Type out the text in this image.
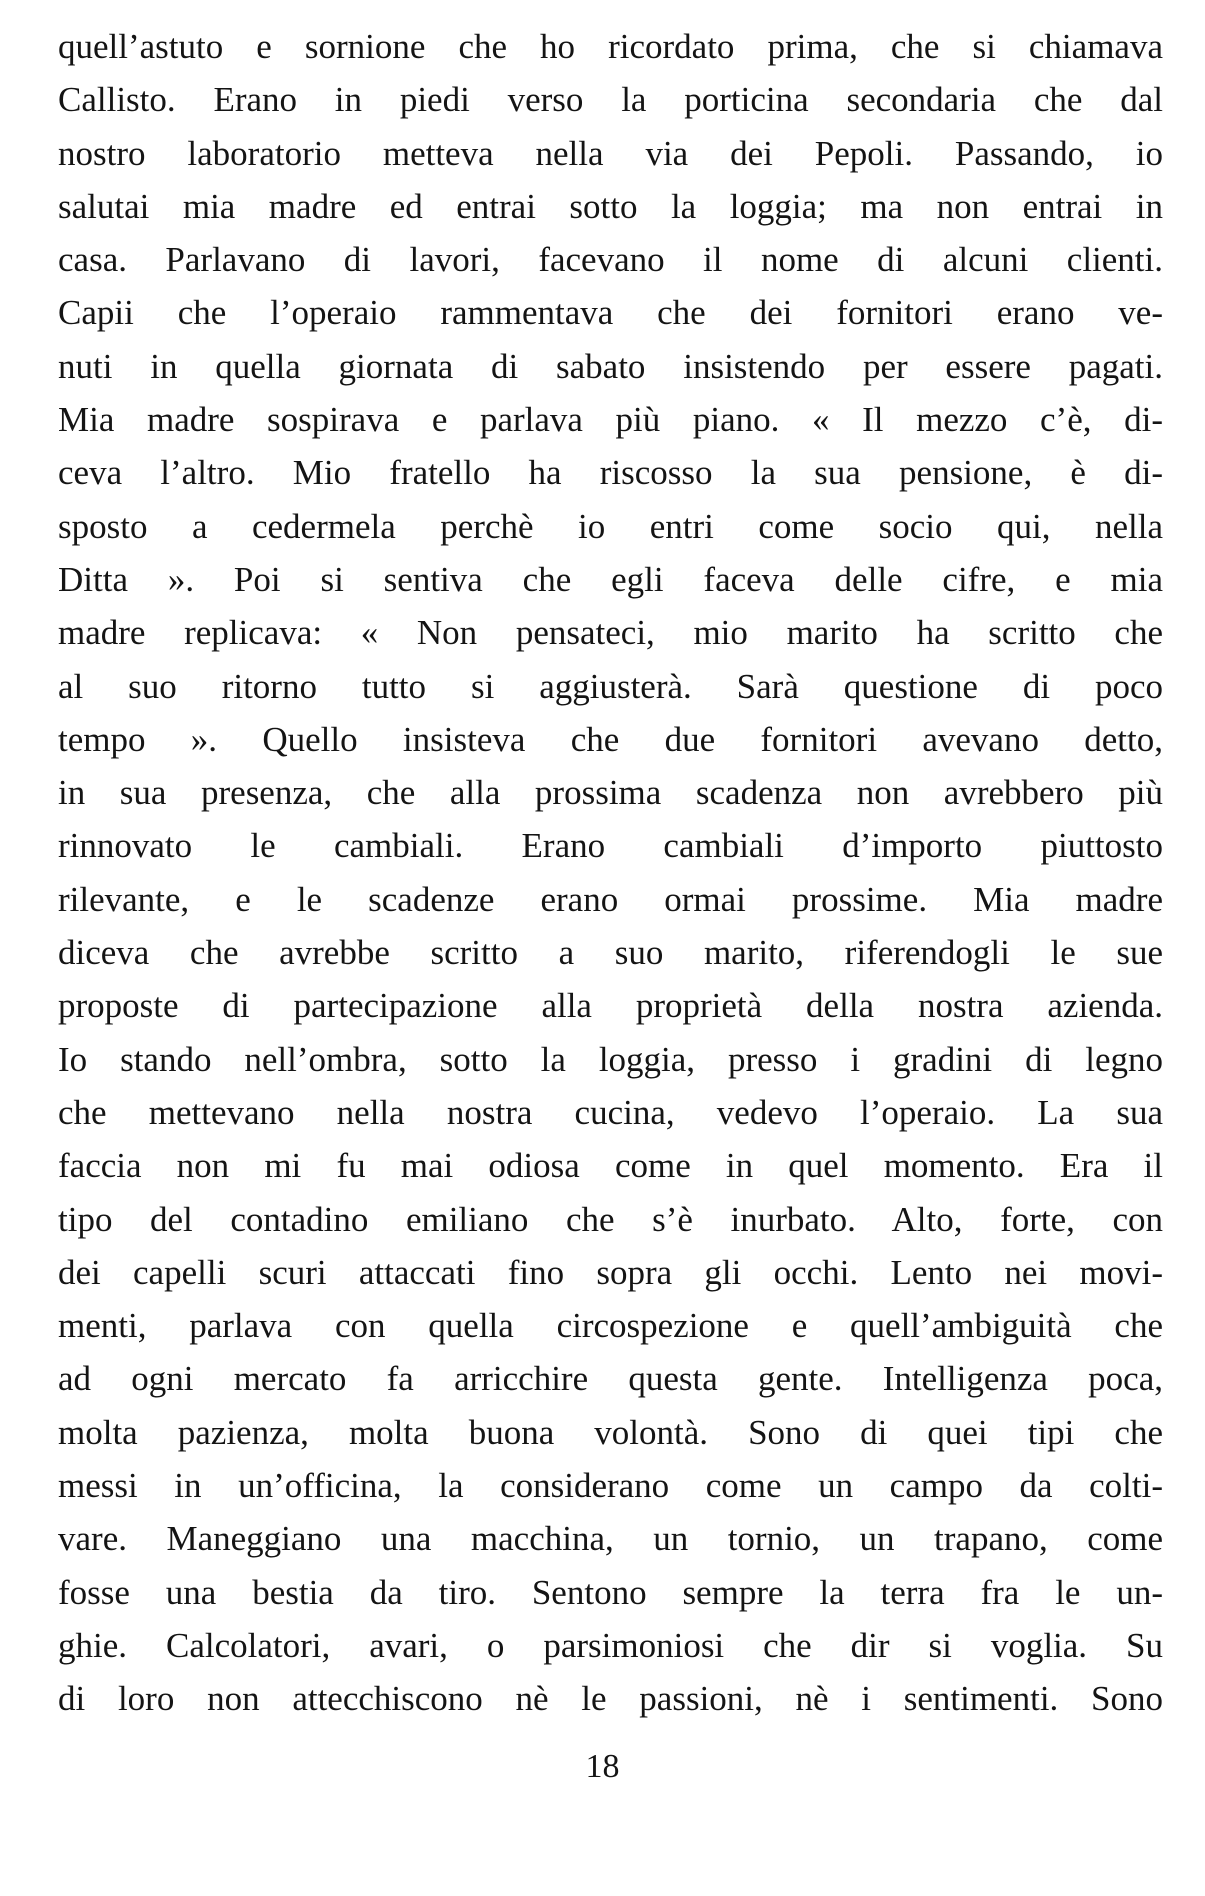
quell’astuto e sornione che ho ricordato prima, che si chiamava
Callisto. Erano in piedi verso la porticina secondaria che dal
nostro laboratorio metteva nella via dei Pepoli. Passando, io
salutai mia madre ed entrai sotto la loggia; ma non entrai in
casa. Parlavano di lavori, facevano il nome di alcuni clienti.
Capii che l’operaio rammentava che dei fornitori erano ve-
nuti in quella giornata di sabato insistendo per essere pagati.
Mia madre sospirava e parlava più piano. « Il mezzo c’è, di-
ceva l’altro. Mio fratello ha riscosso la sua pensione, è di-
sposto a cedermela perchè io entri come socio qui, nella
Ditta ». Poi si sentiva che egli faceva delle cifre, e mia
madre replicava: « Non pensateci, mio marito ha scritto che
al suo ritorno tutto si aggiusterà. Sarà questione di poco
tempo ». Quello insisteva che due fornitori avevano detto,
in sua presenza, che alla prossima scadenza non avrebbero più
rinnovato le cambiali. Erano cambiali d’importo piuttosto
rilevante, e le scadenze erano ormai prossime. Mia madre
diceva che avrebbe scritto a suo marito, riferendogli le sue
proposte di partecipazione alla proprietà della nostra azienda.
Io stando nell’ombra, sotto la loggia, presso i gradini di legno
che mettevano nella nostra cucina, vedevo l’operaio. La sua
faccia non mi fu mai odiosa come in quel momento. Era il
tipo del contadino emiliano che s’è inurbato. Alto, forte, con
dei capelli scuri attaccati fino sopra gli occhi. Lento nei movi-
menti, parlava con quella circospezione e quell’ambiguità che
ad ogni mercato fa arricchire questa gente. Intelligenza poca,
molta pazienza, molta buona volontà. Sono di quei tipi che
messi in un’officina, la considerano come un campo da colti-
vare. Maneggiano una macchina, un tornio, un trapano, come
fosse una bestia da tiro. Sentono sempre la terra fra le un-
ghie. Calcolatori, avari, o parsimoniosi che dir si voglia. Su
di loro non attecchiscono nè le passioni, nè i sentimenti. Sono
18
